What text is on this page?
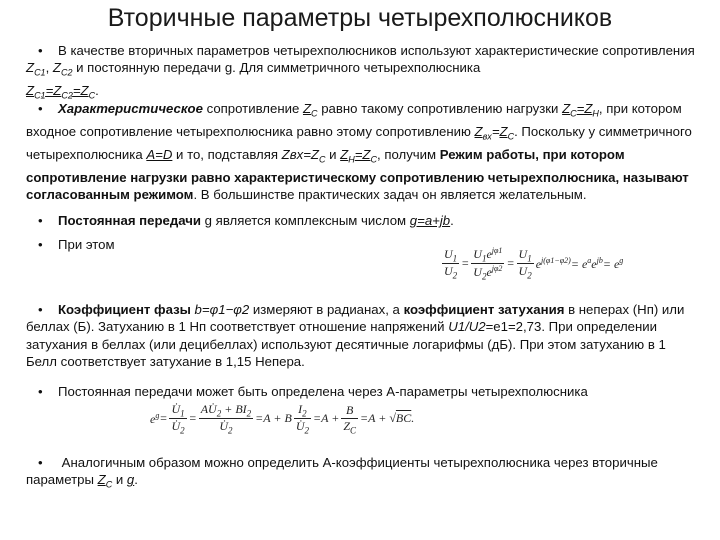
Вторичные параметры четырехполюсников
• В качестве вторичных параметров четырехполюсников используют характеристические сопротивления $Z_{C1}$, $Z_{C2}$ и постоянную передачи g. Для симметричного четырехполюсника
$Z_{C1}=Z_{C2}=Z_C$.
• Характеристическое сопротивление $Z_C$ равно такому сопротивлению нагрузки $Z_C=Z_Н$, при котором входное сопротивление четырехполюсника равно этому сопротивлению $Z_{вх}=Z_C$. Поскольку у симметричного четырехполюсника A=D и то, подставляя $Zвх=Z_C$ и $Z_Н=Z_C$, получим Режим работы, при котором сопротивление нагрузки равно характеристическому сопротивлению четырехполюсника, называют согласованным режимом. В большинстве практических задач он является желательным.
• Постоянная передачи g является комплексным числом g=a+jb.
• При этом
$\frac{U_1}{U_2} = \frac{U_1e^{j\varphi 1}}{U_2e^{j\varphi 2}} = \frac{U_1}{U_2} e^{j(\varphi 1-\varphi 2)}= e^ae^{jb}= e^g$
• Коэффициент фазы b=φ1−φ2 измеряют в радианах, а коэффициент затухания в неперах (Нп) или беллах (Б). Затуханию в 1 Нп соответствует отношение напряжений U1/U2=e1=2,73. При определении затухания в беллах (или децибеллах) используют десятичные логарифмы (дБ). При этом затуханию в 1 Белл соответствует затухание в 1,15 Непера.
• Постоянная передачи может быть определена через А-параметры четырехполюсника
$e^g= \frac{U̇_1}{U̇_2} = \frac{AU̇_2 + BI_2}{U̇_2} =A + B \frac{I_2}{U̇_2} =A + \frac{B}{Z_C} =A + √BC$.
• Аналогичным образом можно определить А-коэффициенты четырехполюсника через вторичные параметры $Z_C$ и g.
